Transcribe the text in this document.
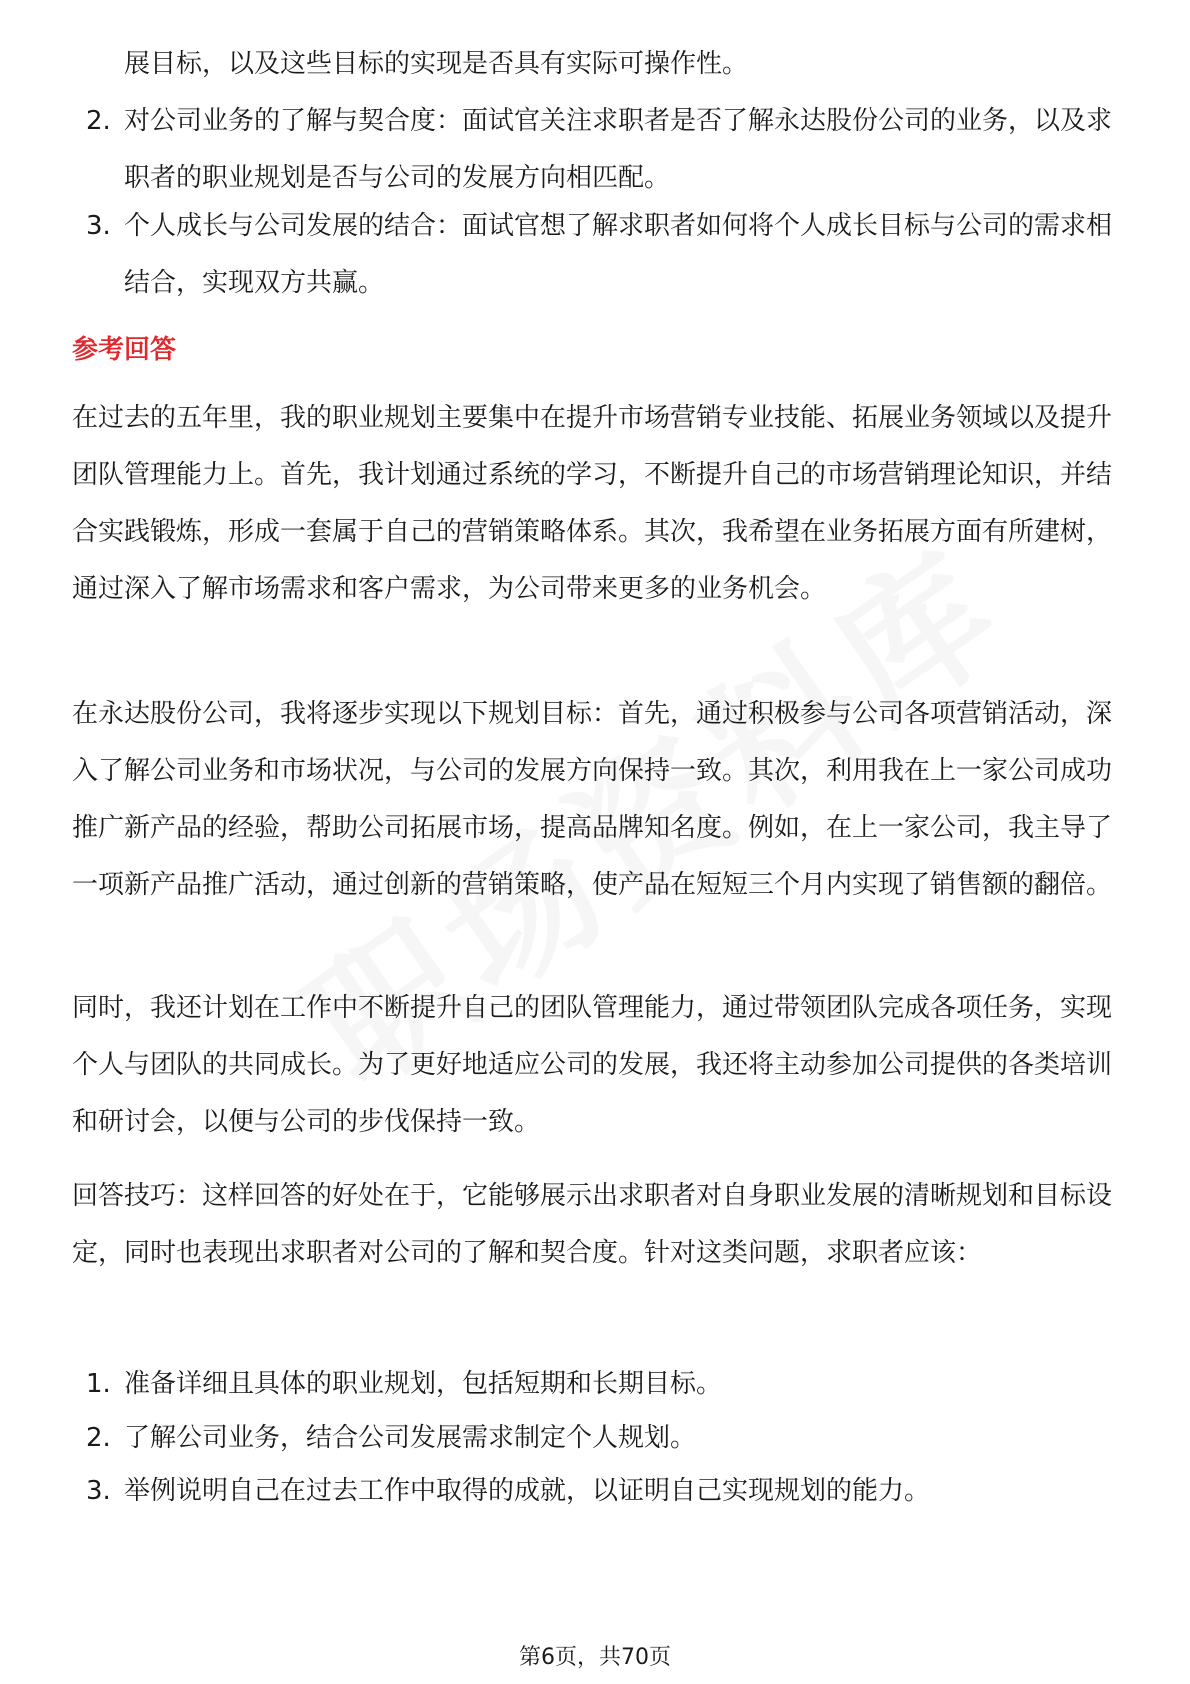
展目标，以及这些目标的实现是否具有实际可操作性。
2. 对公司业务的了解与契合度：面试官关注求职者是否了解永达股份公司的业务，以及求职者的职业规划是否与公司的发展方向相匹配。
3. 个人成长与公司发展的结合：面试官想了解求职者如何将个人成长目标与公司的需求相结合，实现双方共赢。
参考回答
在过去的五年里，我的职业规划主要集中在提升市场营销专业技能、拓展业务领域以及提升团队管理能力上。首先，我计划通过系统的学习，不断提升自己的市场营销理论知识，并结合实践锻炼，形成一套属于自己的营销策略体系。其次，我希望在业务拓展方面有所建树，通过深入了解市场需求和客户需求，为公司带来更多的业务机会。
在永达股份公司，我将逐步实现以下规划目标：首先，通过积极参与公司各项营销活动，深入了解公司业务和市场状况，与公司的发展方向保持一致。其次，利用我在上一家公司成功推广新产品的经验，帮助公司拓展市场，提高品牌知名度。例如，在上一家公司，我主导了一项新产品推广活动，通过创新的营销策略，使产品在短短三个月内实现了销售额的翻倍。
同时，我还计划在工作中不断提升自己的团队管理能力，通过带领团队完成各项任务，实现个人与团队的共同成长。为了更好地适应公司的发展，我还将主动参加公司提供的各类培训和研讨会，以便与公司的步伐保持一致。
回答技巧：这样回答的好处在于，它能够展示出求职者对自身职业发展的清晰规划和目标设定，同时也表现出求职者对公司的了解和契合度。针对这类问题，求职者应该：
1. 准备详细且具体的职业规划，包括短期和长期目标。
2. 了解公司业务，结合公司发展需求制定个人规划。
3. 举例说明自己在过去工作中取得的成就，以证明自己实现规划的能力。
第6页，共70页
